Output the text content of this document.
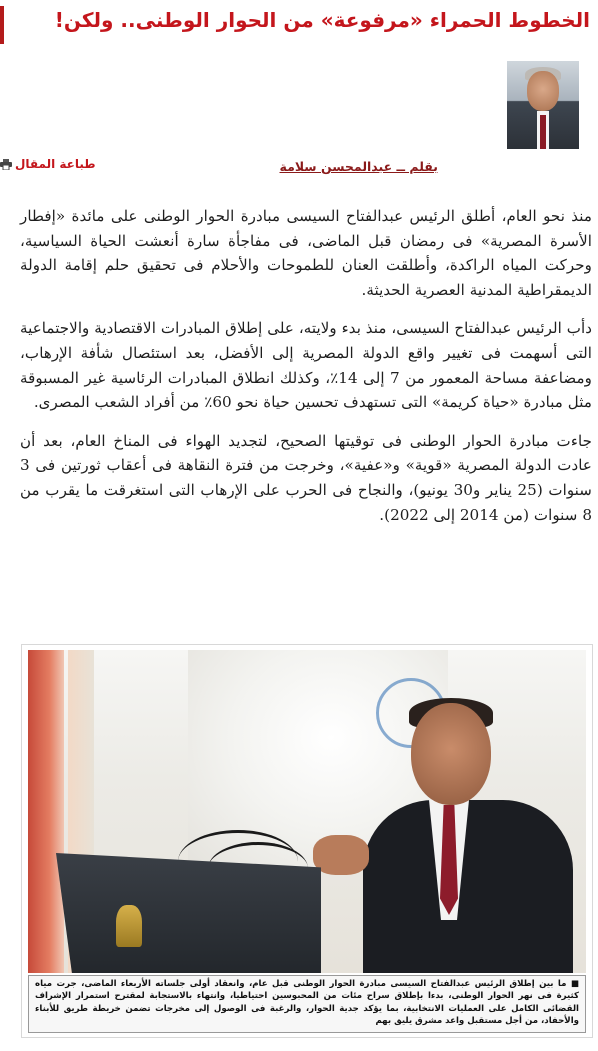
الخطوط الحمراء «مرفوعة» من الحوار الوطنى.. ولكن!
طباعة المقال	بقلم ــ عبدالمحسن سلامة

منذ نحو العام، أطلق الرئيس عبدالفتاح السيسى مبادرة الحوار الوطنى على مائدة «إفطار الأسرة المصرية» فى رمضان قبل الماضى، فى مفاجأة سارة أنعشت الحياة السياسية، وحركت المياه الراكدة، وأطلقت العنان للطموحات والأحلام فى تحقيق حلم إقامة الدولة الديمقراطية المدنية العصرية الحديثة.

دأب الرئيس عبدالفتاح السيسى، منذ بدء ولايته، على إطلاق المبادرات الاقتصادية والاجتماعية التى أسهمت فى تغيير واقع الدولة المصرية إلى الأفضل، بعد استئصال شأفة الإرهاب، ومضاعفة مساحة المعمور من 7 إلى 14٪، وكذلك انطلاق المبادرات الرئاسية غير المسبوقة مثل مبادرة «حياة كريمة» التى تستهدف تحسين حياة نحو 60٪ من أفراد الشعب المصرى.

جاءت مبادرة الحوار الوطنى فى توقيتها الصحيح، لتجديد الهواء فى المناخ العام، بعد أن عادت الدولة المصرية «قوية» و«عفية»، وخرجت من فترة النقاهة فى أعقاب ثورتين فى 3 سنوات (25 يناير و30 يونيو)، والنجاح فى الحرب على الإرهاب التى استغرقت ما يقرب من 8 سنوات (من 2014 إلى 2022).

■ ما بين إطلاق الرئيس عبدالفتاح السيسى مبادرة الحوار الوطنى قبل عام، وانعقاد أولى جلساته الأربعاء الماضى، جرت مياه كثيرة فى نهر الحوار الوطنى، بدءا بإطلاق سراح مئات من المحبوسين احتياطيا، وانتهاء بالاستجابة لمقترح استمرار الإشراف القضائى الكامل على العمليات الانتخابية، بما يؤكد جدية الحوار، والرغبة فى الوصول إلى مخرجات تضمن خريطة طريق للأبناء والأحفاد، من أجل مستقبل واعد مشرق يليق بهم
